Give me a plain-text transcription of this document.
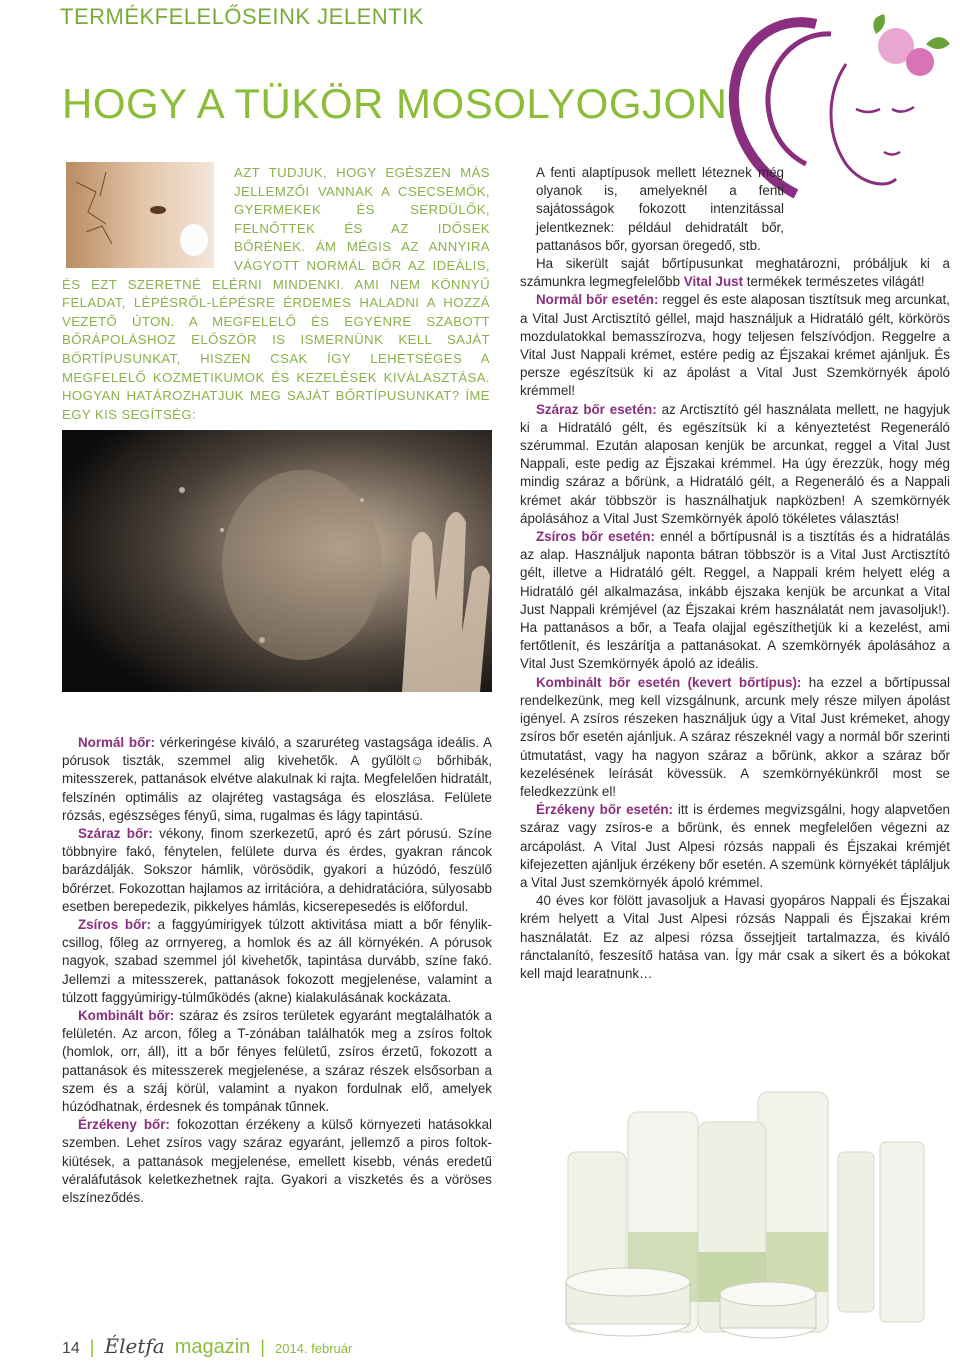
TERMÉKFELELŐSEINK JELENTIK
HOGY A TÜKÖR MOSOLYOGJON!
AZT TUDJUK, HOGY EGÉSZEN MÁS JELLEMZŐI VANNAK A CSECSEMŐK, GYERMEKEK ÉS SERDÜLŐK, FELNŐTTEK ÉS AZ IDŐSEK BŐRÉNEK. ÁM MÉGIS AZ ANNYIRA VÁGYOTT NORMÁL BŐR AZ IDEÁLIS, ÉS EZT SZERETNÉ ELÉRNI MINDENKI. AMI NEM KÖNNYŰ FELADAT, LÉPÉSRŐL-LÉPÉSRE ÉRDEMES HALADNI A HOZZÁ VEZETŐ ÚTON. A MEGFELELŐ ÉS EGYÉNRE SZABOTT BŐRÁPOLÁSHOZ ELŐSZÖR IS ISMERNÜNK KELL SAJÁT BŐRTÍPUSUNKAT, HISZEN CSAK ÍGY LEHETSÉGES A MEGFELELŐ KOZMETIKUMOK ÉS KEZELÉSEK KIVÁLASZTÁSA. HOGYAN HATÁROZHATJUK MEG SAJÁT BŐRTÍPUSUNKAT? ÍME EGY KIS SEGÍTSÉG:

Normál bőr: vérkeringése kiváló, a szaruréteg vastagsága ideális. A pórusok tiszták, szemmel alig kivehetők. A gyűlölt☺ bőrhibák, mitesszerek, pattanások elvétve alakulnak ki rajta. Megfelelően hidratált, felszínén optimális az olajréteg vastagsága és eloszlása. Felülete rózsás, egészséges fényű, sima, rugalmas és lágy tapintású.

Száraz bőr: vékony, finom szerkezetű, apró és zárt pórusú. Színe többnyire fakó, fénytelen, felülete durva és érdes, gyakran ráncok barázdálják. Sokszor hámlik, vörösödik, gyakori a húzódó, feszülő bőrérzet. Fokozottan hajlamos az irritációra, a dehidratációra, súlyosabb esetben berepedezik, pikkelyes hámlás, kicserepesedés is előfordul.

Zsíros bőr: a faggyúmirigyek túlzott aktivitása miatt a bőr fénylik-csillog, főleg az orrnyereg, a homlok és az áll környékén. A pórusok nagyok, szabad szemmel jól kivehetők, tapintása durvább, színe fakó. Jellemzi a mitesszerek, pattanások fokozott megjelenése, valamint a túlzott faggyúmirigy-túlműködés (akne) kialakulásának kockázata.

Kombinált bőr: száraz és zsíros területek egyaránt megtalálhatók a felületén. Az arcon, főleg a T-zónában találhatók meg a zsíros foltok (homlok, orr, áll), itt a bőr fényes felületű, zsíros érzetű, fokozott a pattanások és mitesszerek megjelenése, a száraz részek elsősorban a szem és a száj körül, valamint a nyakon fordulnak elő, amelyek húzódhatnak, érdesnek és tompának tűnnek.

Érzékeny bőr: fokozottan érzékeny a külső környezeti hatásokkal szemben. Lehet zsíros vagy száraz egyaránt, jellemző a piros foltok-kiütések, a pattanások megjelenése, emellett kisebb, vénás eredetű véraláfutások keletkezhetnek rajta. Gyakori a viszketés és a vöröses elszíneződés.

A fenti alaptípusok mellett léteznek még olyanok is, amelyeknél a fenti sajátosságok fokozott intenzitással jelentkeznek: például dehidratált bőr, pattanásos bőr, gyorsan öregedő, stb.

Ha sikerült saját bőrtípusunkat meghatározni, próbáljuk ki a számunkra legmegfelelőbb Vital Just termékek természetes világát!

Normál bőr esetén: reggel és este alaposan tisztítsuk meg arcunkat, a Vital Just Arctisztító géllel, majd használjuk a Hidratáló gélt, körkörös mozdulatokkal bemasszírozva, hogy teljesen felszívódjon. Reggelre a Vital Just Nappali krémet, estére pedig az Éjszakai krémet ajánljuk. És persze egészítsük ki az ápolást a Vital Just Szemkörnyék ápoló krémmel!

Száraz bőr esetén: az Arctisztító gél használata mellett, ne hagyjuk ki a Hidratáló gélt, és egészítsük ki a kényeztetést Regeneráló szérummal. Ezután alaposan kenjük be arcunkat, reggel a Vital Just Nappali, este pedig az Éjszakai krémmel. Ha úgy érezzük, hogy még mindig száraz a bőrünk, a Hidratáló gélt, a Regeneráló és a Nappali krémet akár többször is használhatjuk napközben! A szemkörnyék ápolásához a Vital Just Szemkörnyék ápoló tökéletes választás!

Zsíros bőr esetén: ennél a bőrtípusnál is a tisztítás és a hidratálás az alap. Használjuk naponta bátran többször is a Vital Just Arctisztító gélt, illetve a Hidratáló gélt. Reggel, a Nappali krém helyett elég a Hidratáló gél alkalmazása, inkább éjszaka kenjük be arcunkat a Vital Just Nappali krémjével (az Éjszakai krém használatát nem javasoljuk!). Ha pattanásos a bőr, a Teafa olajjal egészíthetjük ki a kezelést, ami fertőtlenít, és leszárítja a pattanásokat. A szemkörnyék ápolásához a Vital Just Szemkörnyék ápoló az ideális.

Kombinált bőr esetén (kevert bőrtípus): ha ezzel a bőrtípussal rendelkezünk, meg kell vizsgálnunk, arcunk mely része milyen ápolást igényel. A zsíros részeken használjuk úgy a Vital Just krémeket, ahogy zsíros bőr esetén ajánljuk. A száraz részeknél vagy a normál bőr szerinti útmutatást, vagy ha nagyon száraz a bőrünk, akkor a száraz bőr kezelésének leírását kövessük. A szemkörnyékünkről most se feledkezzünk el!

Érzékeny bőr esetén: itt is érdemes megvizsgálni, hogy alapvetően száraz vagy zsíros-e a bőrünk, és ennek megfelelően végezni az arcápolást. A Vital Just Alpesi rózsás nappali és Éjszakai krémjét kifejezetten ajánljuk érzékeny bőr esetén. A szemünk környékét tápláljuk a Vital Just szemkörnyék ápoló krémmel.

40 éves kor fölött javasoljuk a Havasi gyopáros Nappali és Éjszakai krém helyett a Vital Just Alpesi rózsás Nappali és Éjszakai krém használatát. Ez az alpesi rózsa őssejtjeit tartalmazza, és kiváló ránctalanító, feszesítő hatása van. Így már csak a sikert és a bókokat kell majd learatnunk…

14 | Életfa magazin | 2014. február
